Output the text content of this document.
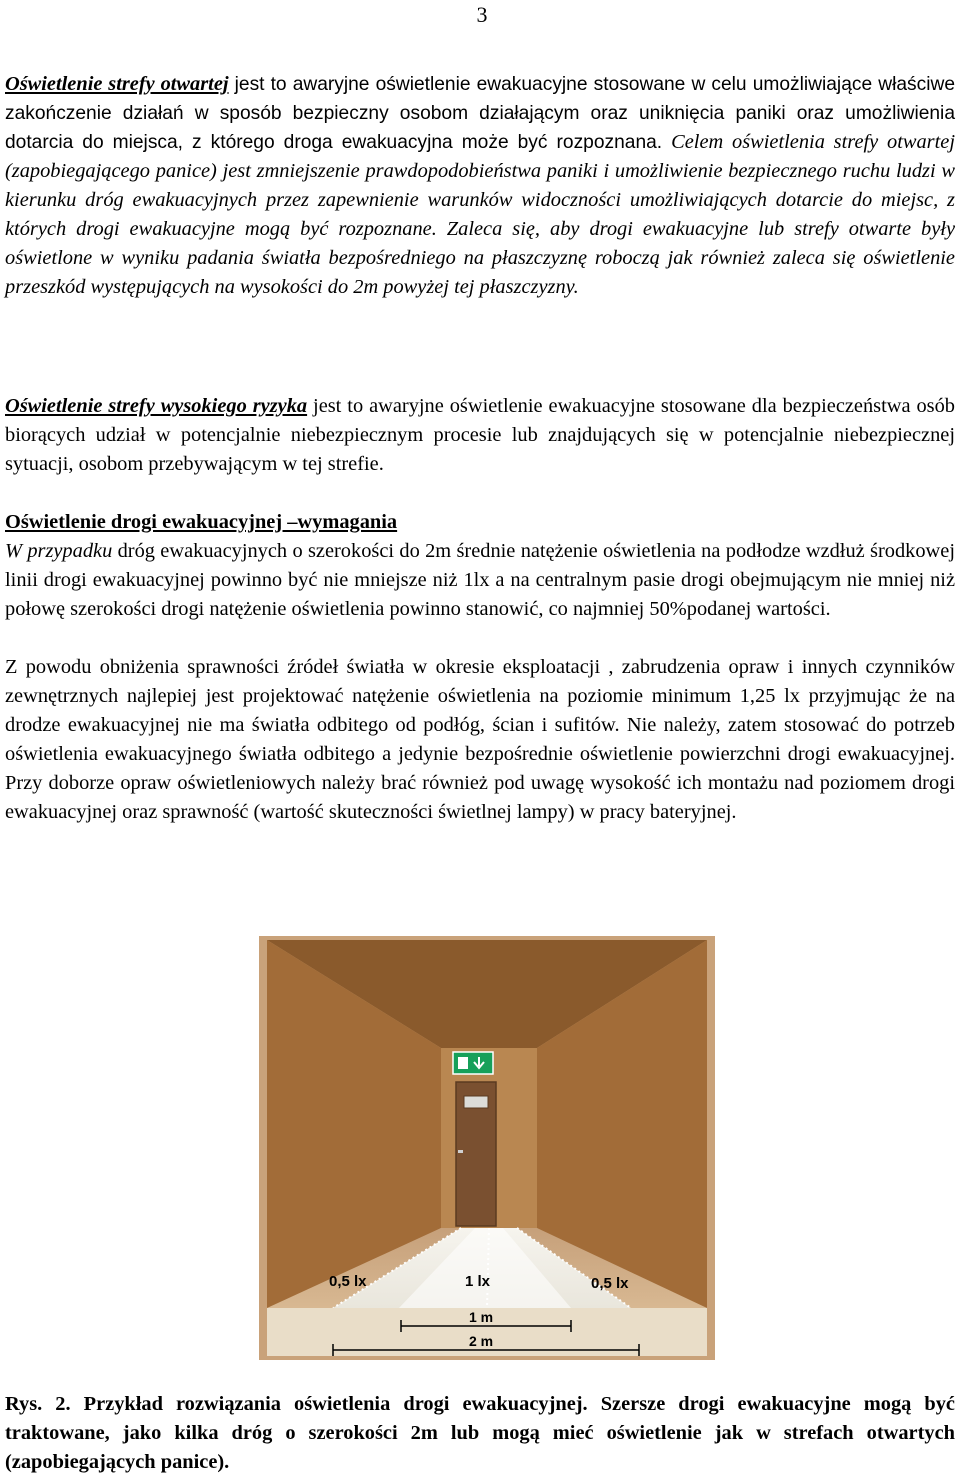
3

Oświetlenie strefy otwartej jest to awaryjne oświetlenie ewakuacyjne stosowane w celu umożliwiające właściwe zakończenie działań w sposób bezpieczny osobom działającym oraz uniknięcia paniki oraz umożliwienia dotarcia do miejsca, z którego droga ewakuacyjna może być rozpoznana. Celem oświetlenia strefy otwartej (zapobiegającego panice) jest zmniejszenie prawdopodobieństwa paniki i umożliwienie bezpiecznego ruchu ludzi w kierunku dróg ewakuacyjnych przez zapewnienie warunków widoczności umożliwiających dotarcie do miejsc, z których drogi ewakuacyjne mogą być rozpoznane. Zaleca się, aby drogi ewakuacyjne lub strefy otwarte były oświetlone w wyniku padania światła bezpośredniego na płaszczyznę roboczą jak również zaleca się oświetlenie przeszkód występujących na wysokości do 2m powyżej tej płaszczyzny.

Oświetlenie strefy wysokiego ryzyka jest to awaryjne oświetlenie ewakuacyjne stosowane dla bezpieczeństwa osób biorących udział w potencjalnie niebezpiecznym procesie lub znajdujących się w potencjalnie niebezpiecznej sytuacji, osobom przebywającym w tej strefie.

Oświetlenie drogi ewakuacyjnej –wymagania

W przypadku dróg ewakuacyjnych o szerokości do 2m średnie natężenie oświetlenia na podłodze wzdłuż środkowej linii drogi ewakuacyjnej powinno być nie mniejsze niż 1lx a na centralnym pasie drogi obejmującym nie mniej niż połowę szerokości drogi natężenie oświetlenia powinno stanowić, co najmniej 50%podanej wartości.

Z powodu obniżenia sprawności źródeł światła w okresie eksploatacji , zabrudzenia opraw i innych czynników zewnętrznych najlepiej jest projektować natężenie oświetlenia na poziomie minimum 1,25 lx przyjmując że na drodze ewakuacyjnej nie ma światła odbitego od podłóg, ścian i sufitów. Nie należy, zatem stosować do potrzeb oświetlenia ewakuacyjnego światła odbitego a jedynie bezpośrednie oświetlenie powierzchni drogi ewakuacyjnej. Przy doborze opraw oświetleniowych należy brać również pod uwagę wysokość ich montażu nad poziomem drogi ewakuacyjnej oraz sprawność (wartość skuteczności świetlnej lampy) w pracy bateryjnej.

0,5 lx	1 lx	0,5 lx
1 m
2 m

Rys. 2. Przykład rozwiązania oświetlenia drogi ewakuacyjnej. Szersze drogi ewakuacyjne mogą być traktowane, jako kilka dróg o szerokości 2m lub mogą mieć oświetlenie jak w strefach otwartych (zapobiegających panice).
